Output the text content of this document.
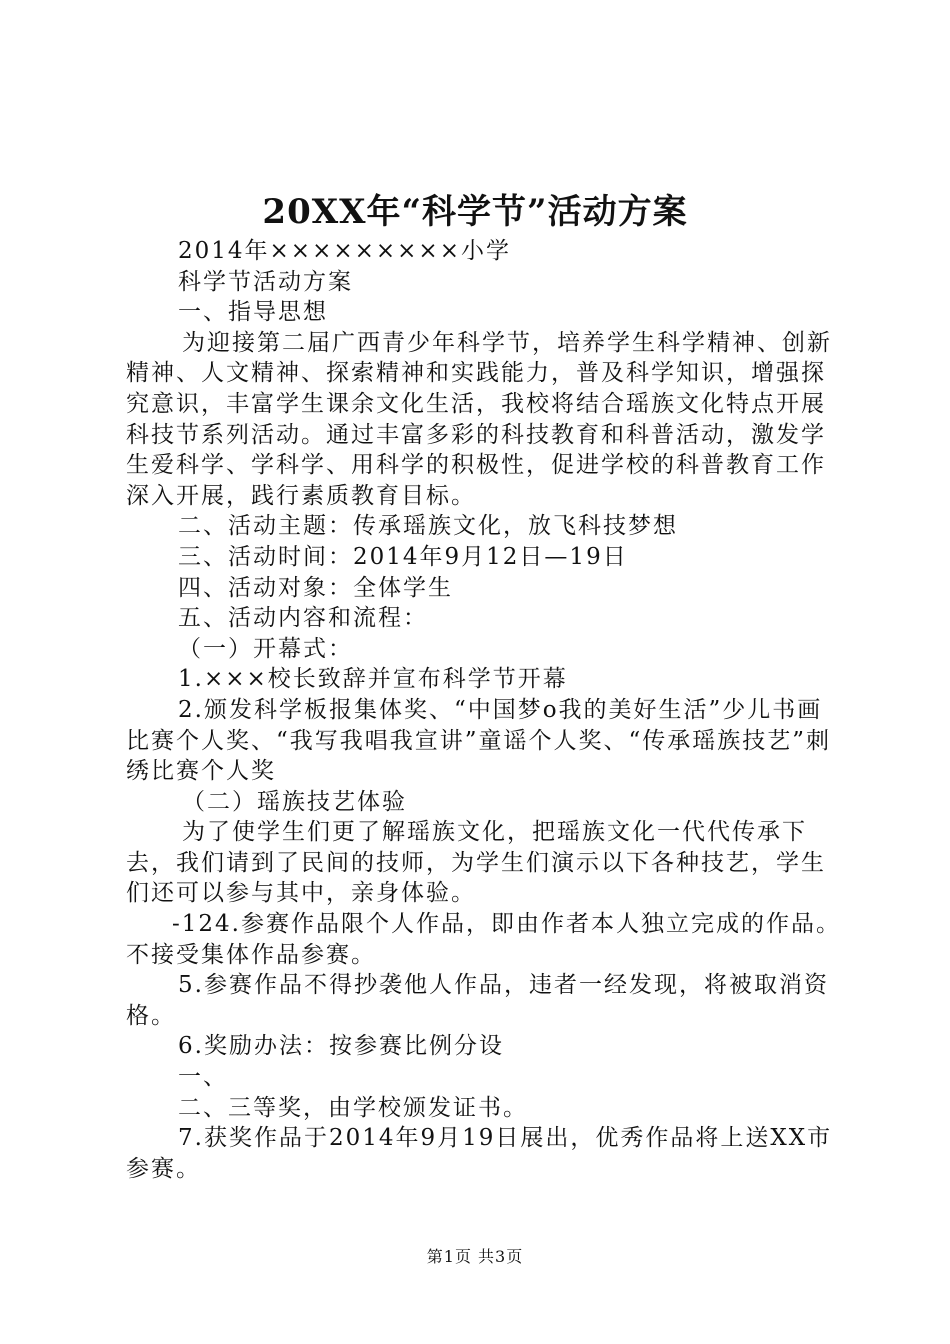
20XX年“科学节”活动方案

2014年×××××××××小学

科学节活动方案

一、指导思想

为迎接第二届广西青少年科学节，培养学生科学精神、创新精神、人文精神、探索精神和实践能力，普及科学知识，增强探究意识，丰富学生课余文化生活，我校将结合瑶族文化特点开展科技节系列活动。通过丰富多彩的科技教育和科普活动，激发学生爱科学、学科学、用科学的积极性，促进学校的科普教育工作深入开展，践行素质教育目标。

二、活动主题：传承瑶族文化，放飞科技梦想

三、活动时间：2014年9月12日—19日

四、活动对象：全体学生

五、活动内容和流程：

（一）开幕式：

1.×××校长致辞并宣布科学节开幕

2.颁发科学板报集体奖、“中国梦ο我的美好生活”少儿书画比赛个人奖、“我写我唱我宣讲”童谣个人奖、“传承瑶族技艺”刺绣比赛个人奖

（二）瑶族技艺体验

为了使学生们更了解瑶族文化，把瑶族文化一代代传承下去，我们请到了民间的技师，为学生们演示以下各种技艺，学生们还可以参与其中，亲身体验。

-124.参赛作品限个人作品，即由作者本人独立完成的作品。不接受集体作品参赛。

5.参赛作品不得抄袭他人作品，违者一经发现，将被取消资格。

6.奖励办法：按参赛比例分设

一、

二、三等奖，由学校颁发证书。

7.获奖作品于2014年9月19日展出，优秀作品将上送XX市参赛。

第1页 共3页
